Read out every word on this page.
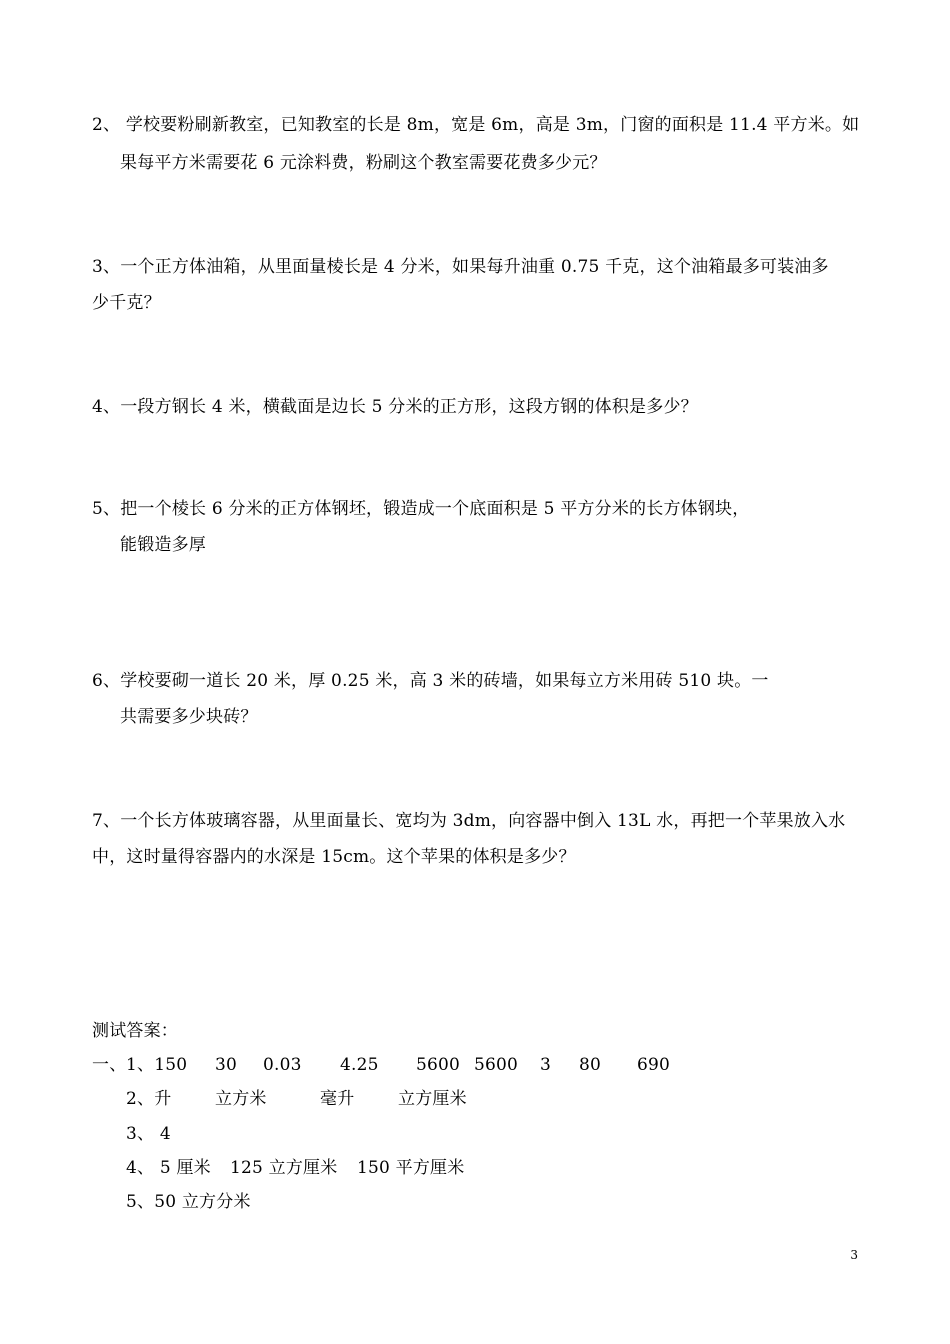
2、 学校要粉刷新教室，已知教室的长是 8m，宽是 6m，高是 3m，门窗的面积是 11.4 平方米。如
果每平方米需要花 6 元涂料费，粉刷这个教室需要花费多少元？
3、一个正方体油箱，从里面量棱长是 4 分米，如果每升油重 0.75 千克，这个油箱最多可装油多
少千克？
4、一段方钢长 4 米，横截面是边长 5 分米的正方形，这段方钢的体积是多少？
5、把一个棱长 6 分米的正方体钢坯，锻造成一个底面积是 5 平方分米的长方体钢块，
能锻造多厚
6、学校要砌一道长 20 米，厚 0.25 米，高 3 米的砖墙，如果每立方米用砖 510 块。一
共需要多少块砖？
7、一个长方体玻璃容器，从里面量长、宽均为 3dm，向容器中倒入 13L 水，再把一个苹果放入水
中，这时量得容器内的水深是 15cm。这个苹果的体积是多少？
测试答案：
一、 1、150 30 0.03 4.25 5600 5600 3 80 690
2、升	立方米	毫升	立方厘米
3、 4
4、 5 厘米 125 立方厘米 150 平方厘米
5、50 立方分米
3
